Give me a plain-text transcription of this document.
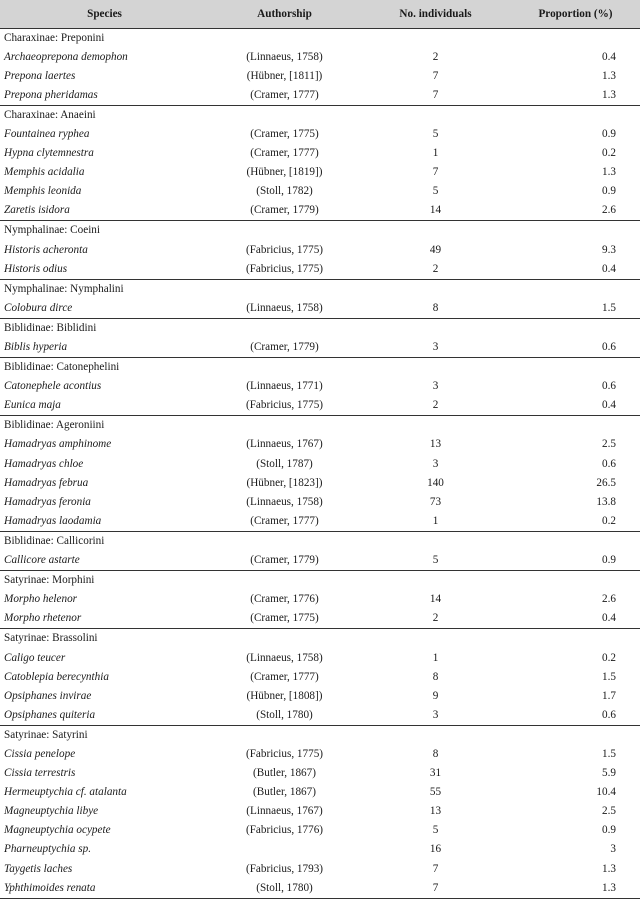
Species	Authorship	No. individuals	Proportion (%)
Charaxinae: Preponini			
Archaeoprepona demophon	(Linnaeus, 1758)	2	0.4
Prepona laertes	(Hübner, [1811])	7	1.3
Prepona pheridamas	(Cramer, 1777)	7	1.3
Charaxinae: Anaeini			
Fountainea ryphea	(Cramer, 1775)	5	0.9
Hypna clytemnestra	(Cramer, 1777)	1	0.2
Memphis acidalia	(Hübner, [1819])	7	1.3
Memphis leonida	(Stoll, 1782)	5	0.9
Zaretis isidora	(Cramer, 1779)	14	2.6
Nymphalinae: Coeini			
Historis acheronta	(Fabricius, 1775)	49	9.3
Historis odius	(Fabricius, 1775)	2	0.4
Nymphalinae: Nymphalini			
Colobura dirce	(Linnaeus, 1758)	8	1.5
Biblidinae: Biblidini			
Biblis hyperia	(Cramer, 1779)	3	0.6
Biblidinae: Catonephelini			
Catonephele acontius	(Linnaeus, 1771)	3	0.6
Eunica maja	(Fabricius, 1775)	2	0.4
Biblidinae: Ageroniini			
Hamadryas amphinome	(Linnaeus, 1767)	13	2.5
Hamadryas chloe	(Stoll, 1787)	3	0.6
Hamadryas februa	(Hübner, [1823])	140	26.5
Hamadryas feronia	(Linnaeus, 1758)	73	13.8
Hamadryas laodamia	(Cramer, 1777)	1	0.2
Biblidinae: Callicorini			
Callicore astarte	(Cramer, 1779)	5	0.9
Satyrinae: Morphini			
Morpho helenor	(Cramer, 1776)	14	2.6
Morpho rhetenor	(Cramer, 1775)	2	0.4
Satyrinae: Brassolini			
Caligo teucer	(Linnaeus, 1758)	1	0.2
Catoblepia berecynthia	(Cramer, 1777)	8	1.5
Opsiphanes invirae	(Hübner, [1808])	9	1.7
Opsiphanes quiteria	(Stoll, 1780)	3	0.6
Satyrinae: Satyrini			
Cissia penelope	(Fabricius, 1775)	8	1.5
Cissia terrestris	(Butler, 1867)	31	5.9
Hermeuptychia cf. atalanta	(Butler, 1867)	55	10.4
Magneuptychia libye	(Linnaeus, 1767)	13	2.5
Magneuptychia ocypete	(Fabricius, 1776)	5	0.9
Pharneuptychia sp.		16	3
Taygetis laches	(Fabricius, 1793)	7	1.3
Yphthimoides renata	(Stoll, 1780)	7	1.3
